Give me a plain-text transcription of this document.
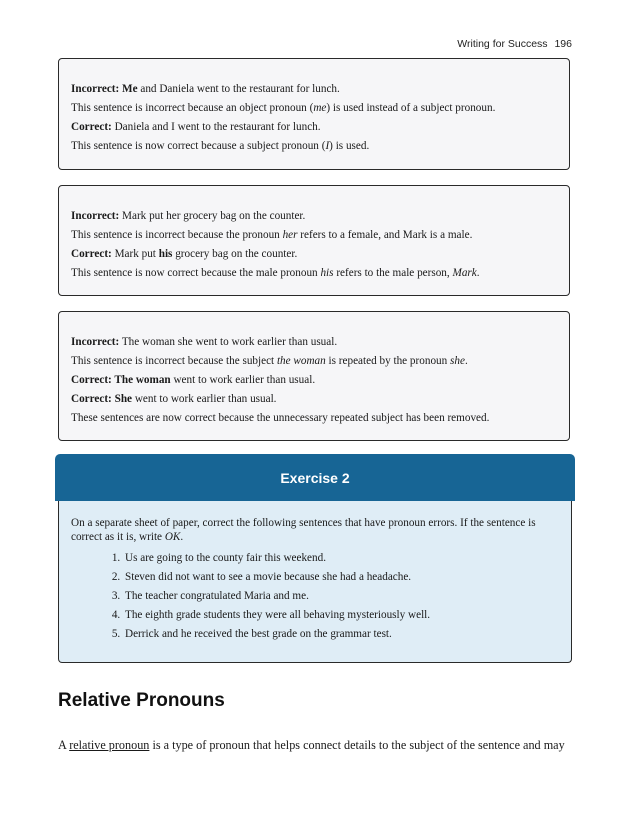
Writing for Success 196

Incorrect: Me and Daniela went to the restaurant for lunch.

This sentence is incorrect because an object pronoun (me) is used instead of a subject pronoun.

Correct: Daniela and I went to the restaurant for lunch.

This sentence is now correct because a subject pronoun (I) is used.

Incorrect: Mark put her grocery bag on the counter.

This sentence is incorrect because the pronoun her refers to a female, and Mark is a male.

Correct: Mark put his grocery bag on the counter.

This sentence is now correct because the male pronoun his refers to the male person, Mark.

Incorrect: The woman she went to work earlier than usual.

This sentence is incorrect because the subject the woman is repeated by the pronoun she.

Correct: The woman went to work earlier than usual.

Correct: She went to work earlier than usual.

These sentences are now correct because the unnecessary repeated subject has been removed.

Exercise 2

On a separate sheet of paper, correct the following sentences that have pronoun errors. If the sentence is correct as it is, write OK.

1. Us are going to the county fair this weekend.
2. Steven did not want to see a movie because she had a headache.
3. The teacher congratulated Maria and me.
4. The eighth grade students they were all behaving mysteriously well.
5. Derrick and he received the best grade on the grammar test.
Relative Pronouns

A relative pronoun is a type of pronoun that helps connect details to the subject of the sentence and may
